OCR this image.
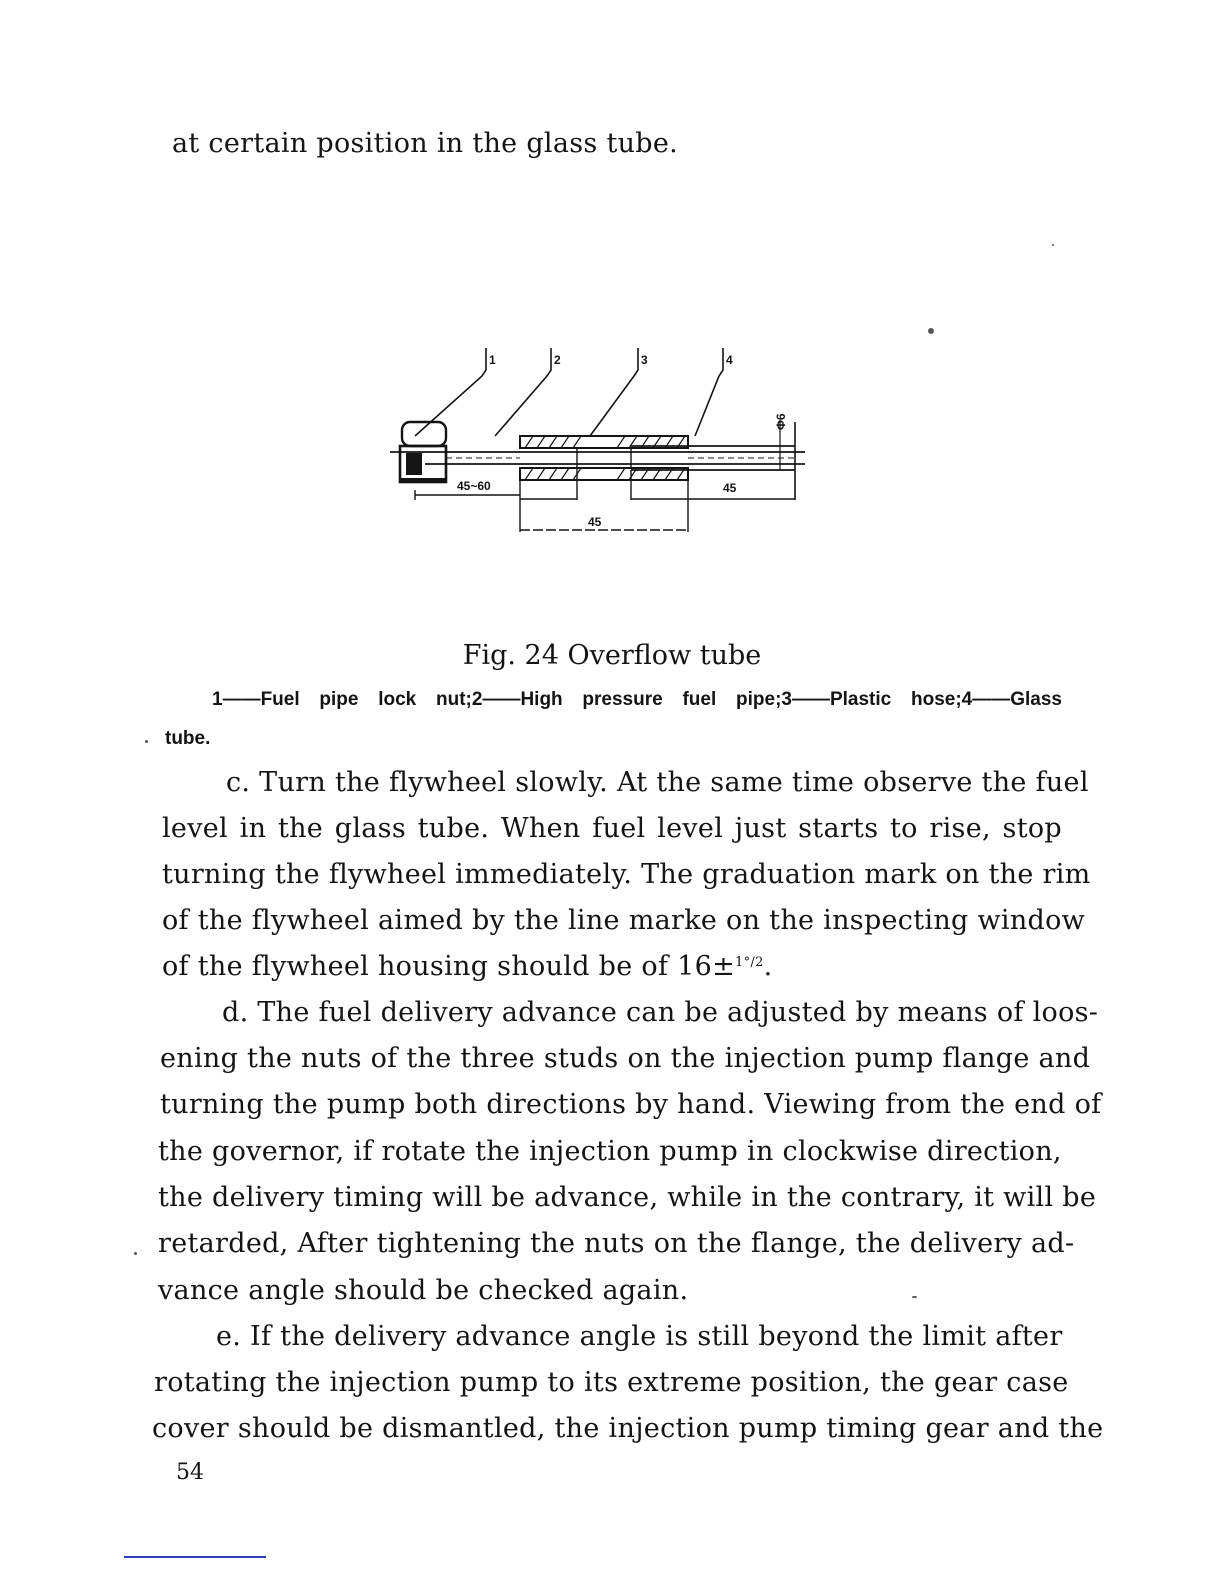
at certain position in the glass tube.
1	2	3	4
45~60	45
45
Φ6
Fig. 24 Overflow tube
1——Fuel pipe lock nut;2——High pressure fuel pipe;3——Plastic hose;4——Glass
tube.
c. Turn the flywheel slowly. At the same time observe the fuel
level in the glass tube. When fuel level just starts to rise, stop
turning the flywheel immediately. The graduation mark on the rim
of the flywheel aimed by the line marke on the inspecting window
of the flywheel housing should be of 16±$^{1^\circ/2}$.
d. The fuel delivery advance can be adjusted by means of loos-
ening the nuts of the three studs on the injection pump flange and
turning the pump both directions by hand. Viewing from the end of
the governor, if rotate the injection pump in clockwise direction,
the delivery timing will be advance, while in the contrary, it will be
retarded, After tightening the nuts on the flange, the delivery ad-
vance angle should be checked again.
e. If the delivery advance angle is still beyond the limit after
rotating the injection pump to its extreme position, the gear case
cover should be dismantled, the injection pump timing gear and the
54
